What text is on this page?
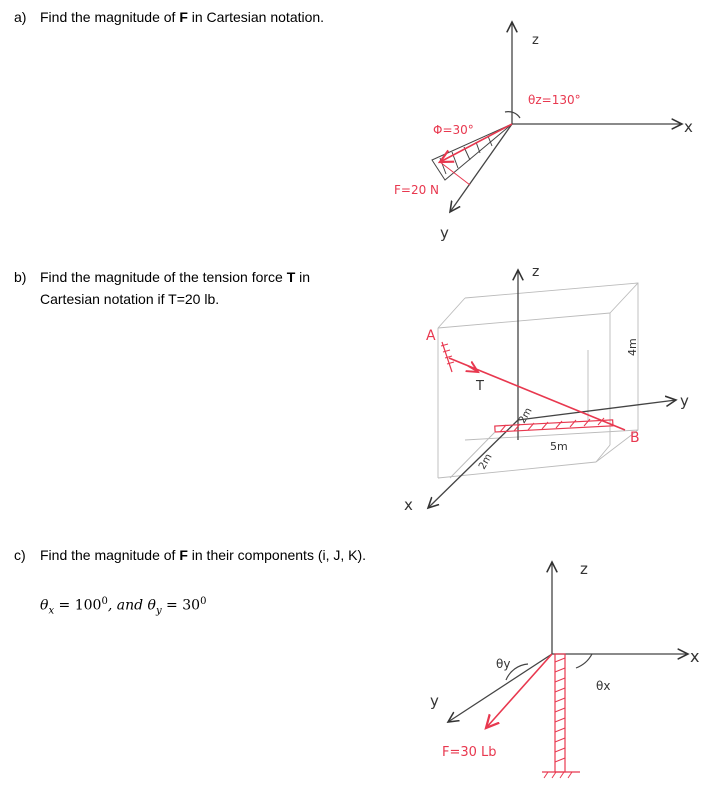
a) Find the magnitude of F in Cartesian notation.
b) Find the magnitude of the tension force T in
Cartesian notation if T=20 lb.
c) Find the magnitude of F in their components (i, J, K).
$\theta_x = 100^0$, and $\theta_y = 30^0$
z
x
y
Φ=30°
θz=130°
F=20 N
z
y
x
A
B
T
4m
5m
2m
2m
z
x
y
θy
θx
F=30 Lb
